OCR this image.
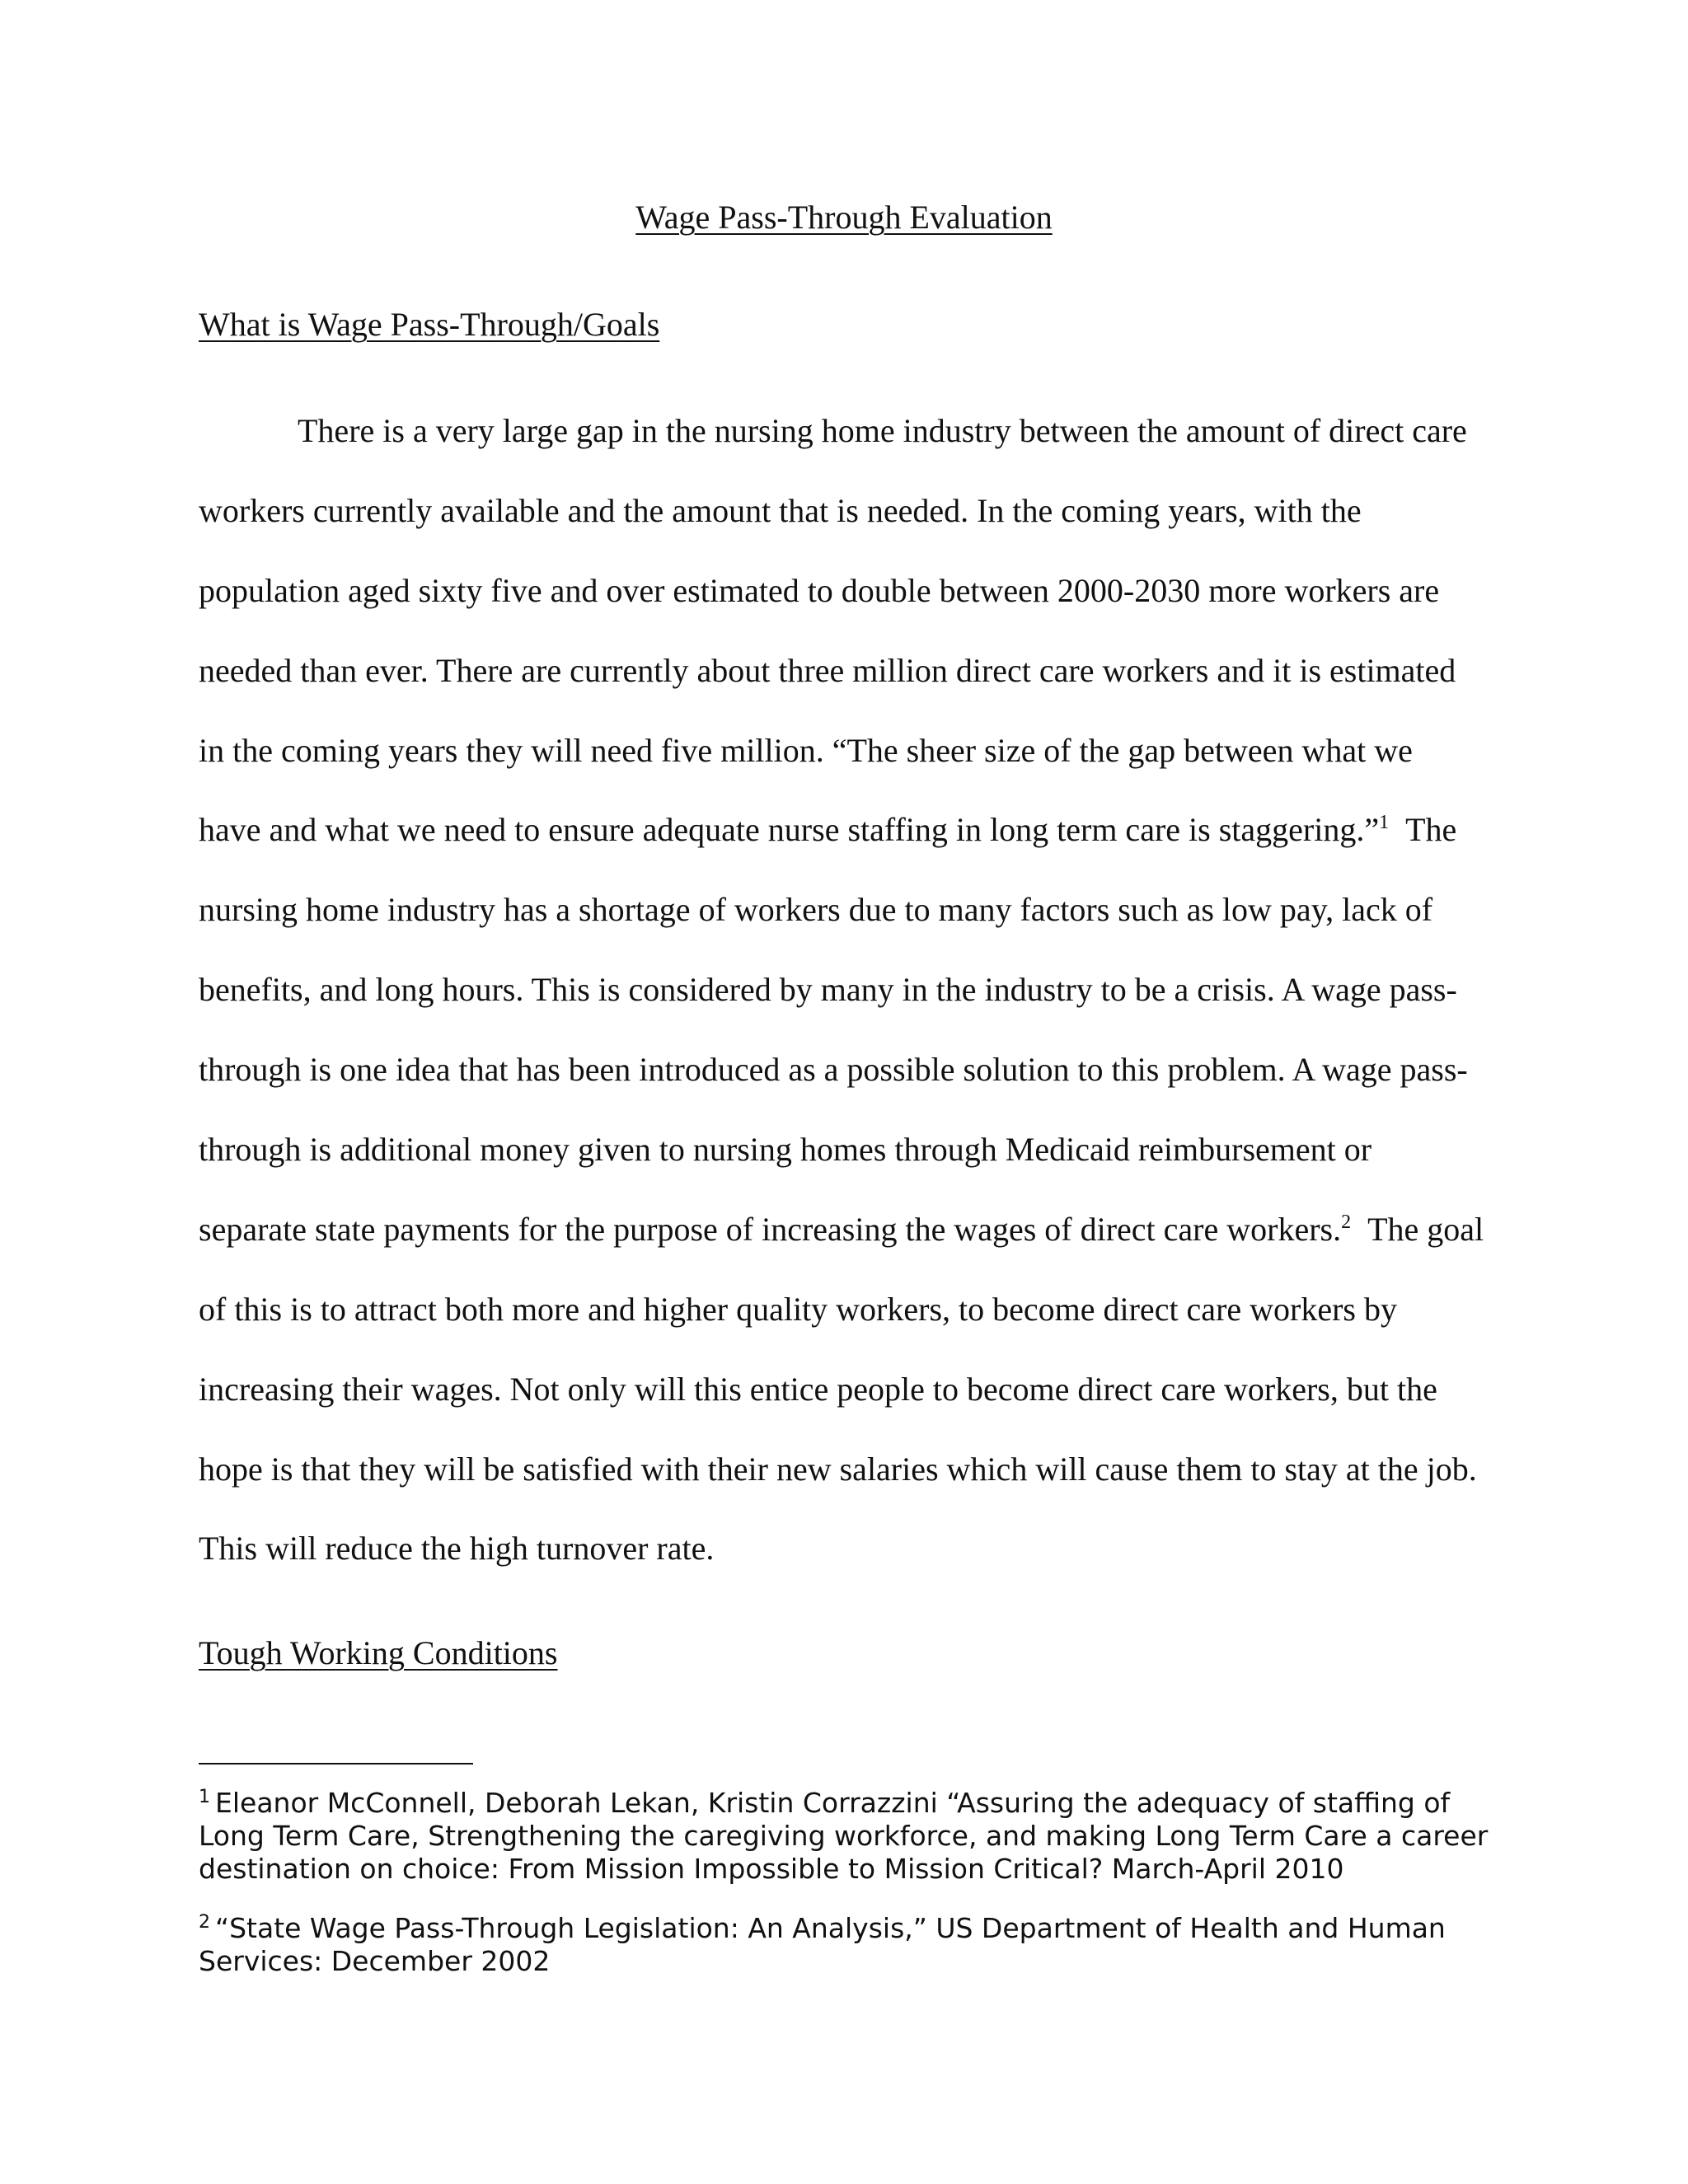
Wage Pass-Through Evaluation
What is Wage Pass-Through/Goals
There is a very large gap in the nursing home industry between the amount of direct care
workers currently available and the amount that is needed. In the coming years, with the
population aged sixty five and over estimated to double between 2000-2030 more workers are
needed than ever. There are currently about three million direct care workers and it is estimated
in the coming years they will need five million. “The sheer size of the gap between what we
have and what we need to ensure adequate nurse staffing in long term care is staggering.”$^1$ The
nursing home industry has a shortage of workers due to many factors such as low pay, lack of
benefits, and long hours. This is considered by many in the industry to be a crisis. A wage pass-
through is one idea that has been introduced as a possible solution to this problem. A wage pass-
through is additional money given to nursing homes through Medicaid reimbursement or
separate state payments for the purpose of increasing the wages of direct care workers.$^2$ The goal
of this is to attract both more and higher quality workers, to become direct care workers by
increasing their wages. Not only will this entice people to become direct care workers, but the
hope is that they will be satisfied with their new salaries which will cause them to stay at the job.
This will reduce the high turnover rate.
Tough Working Conditions
$^1$ Eleanor McConnell, Deborah Lekan, Kristin Corrazzini “Assuring the adequacy of staffing of
Long Term Care, Strengthening the caregiving workforce, and making Long Term Care a career
destination on choice: From Mission Impossible to Mission Critical? March-April 2010
$^2$ “State Wage Pass-Through Legislation: An Analysis,” US Department of Health and Human
Services: December 2002
